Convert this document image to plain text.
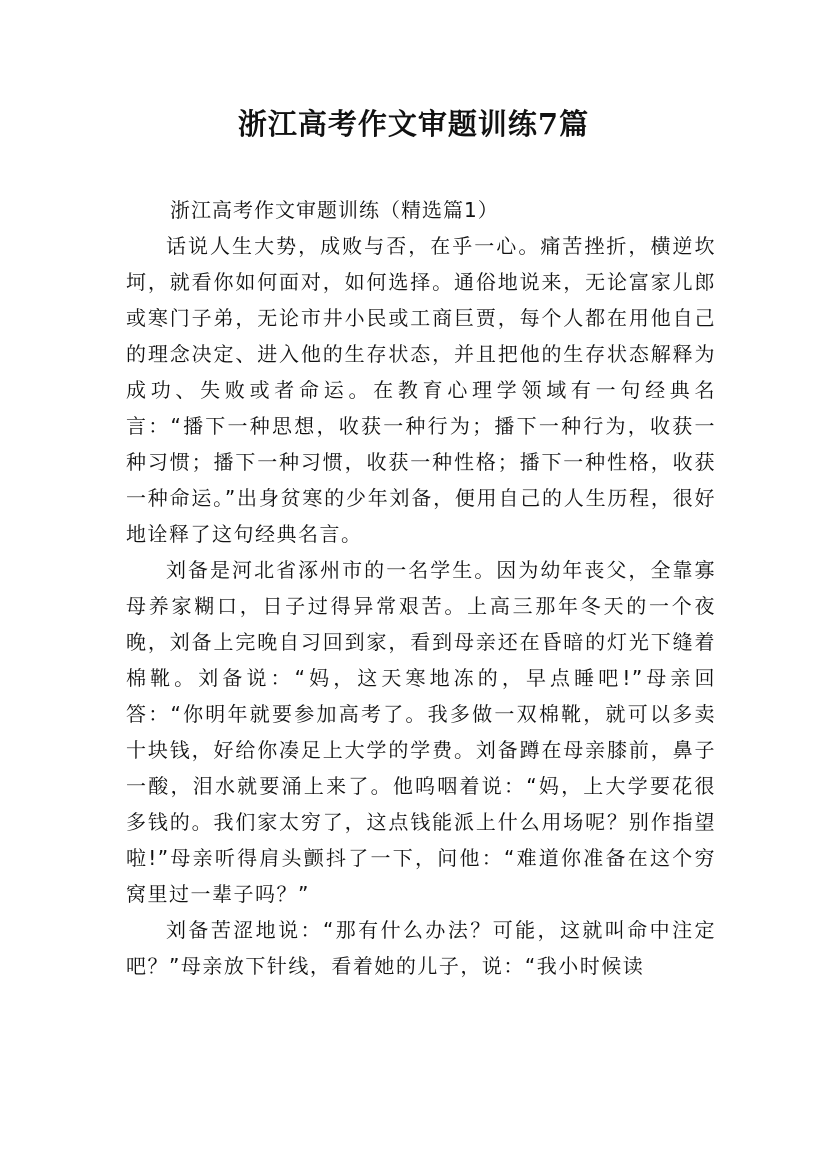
浙江高考作文审题训练7篇

浙江高考作文审题训练（精选篇1）

话说人生大势，成败与否，在乎一心。痛苦挫折，横逆坎坷，就看你如何面对，如何选择。通俗地说来，无论富家儿郎或寒门子弟，无论市井小民或工商巨贾，每个人都在用他自己的理念决定、进入他的生存状态，并且把他的生存状态解释为成功、失败或者命运。在教育心理学领域有一句经典名言：“播下一种思想，收获一种行为；播下一种行为，收获一种习惯；播下一种习惯，收获一种性格；播下一种性格，收获一种命运。”出身贫寒的少年刘备，便用自己的人生历程，很好地诠释了这句经典名言。

刘备是河北省涿州市的一名学生。因为幼年丧父，全靠寡母养家糊口，日子过得异常艰苦。上高三那年冬天的一个夜晚，刘备上完晚自习回到家，看到母亲还在昏暗的灯光下缝着棉靴。刘备说：“妈，这天寒地冻的，早点睡吧!”母亲回答：“你明年就要参加高考了。我多做一双棉靴，就可以多卖十块钱，好给你凑足上大学的学费。刘备蹲在母亲膝前，鼻子一酸，泪水就要涌上来了。他呜咽着说：“妈，上大学要花很多钱的。我们家太穷了，这点钱能派上什么用场呢？别作指望啦!”母亲听得肩头颤抖了一下，问他：“难道你准备在这个穷窝里过一辈子吗？”

刘备苦涩地说：“那有什么办法？可能，这就叫命中注定吧？”母亲放下针线，看着她的儿子，说：“我小时候读
